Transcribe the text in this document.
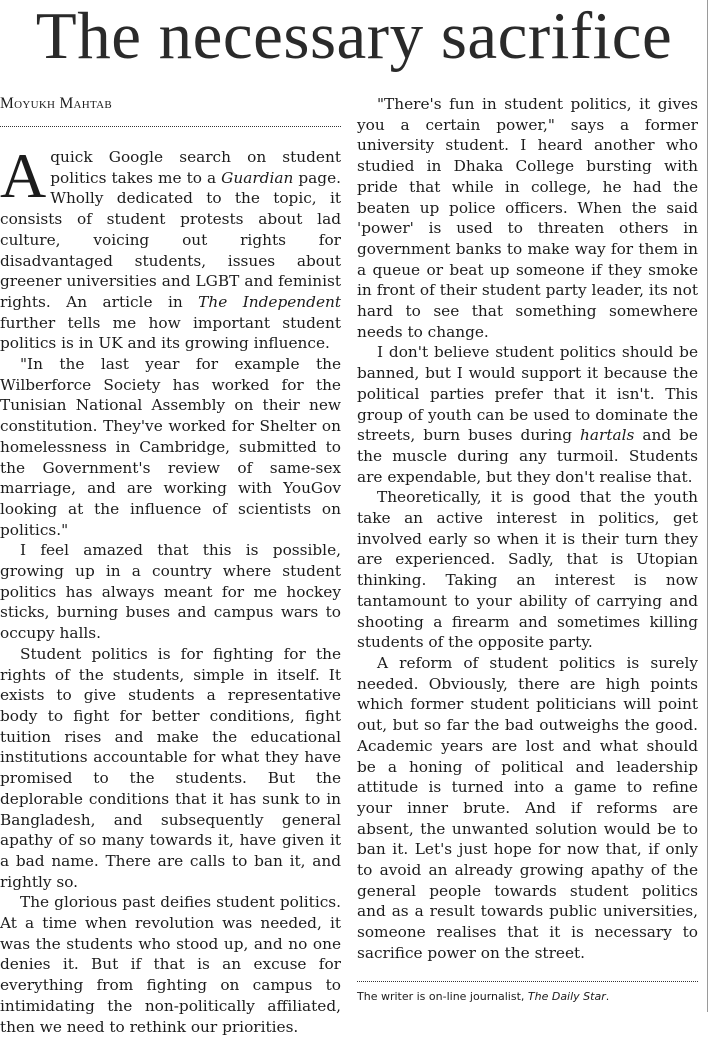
The necessary sacrifice
Moyukh Mahtab

Aquick Google search on student politics takes me to a Guardian page. Wholly dedicated to the topic, it consists of student protests about lad culture, voicing out rights for disadvantaged students, issues about greener universities and LGBT and feminist rights. An article in The Independent further tells me how important student politics is in UK and its growing influence.

"In the last year for example the Wilberforce Society has worked for the Tunisian National Assembly on their new constitution. They've worked for Shelter on homelessness in Cambridge, submitted to the Government's review of same-sex marriage, and are working with YouGov looking at the influence of scientists on politics."

I feel amazed that this is possible, growing up in a country where student politics has always meant for me hockey sticks, burning buses and campus wars to occupy halls.

Student politics is for fighting for the rights of the students, simple in itself. It exists to give students a representative body to fight for better conditions, fight tuition rises and make the educational institutions accountable for what they have promised to the students. But the deplorable conditions that it has sunk to in Bangladesh, and subsequently general apathy of so many towards it, have given it a bad name. There are calls to ban it, and rightly so.

The glorious past deifies student politics. At a time when revolution was needed, it was the students who stood up, and no one denies it. But if that is an excuse for everything from fighting on campus to intimidating the non-politically affiliated, then we need to rethink our priorities.

"There's fun in student politics, it gives you a certain power," says a former university student. I heard another who studied in Dhaka College bursting with pride that while in college, he had the beaten up police officers. When the said 'power' is used to threaten others in government banks to make way for them in a queue or beat up someone if they smoke in front of their student party leader, its not hard to see that something somewhere needs to change.

I don't believe student politics should be banned, but I would support it because the political parties prefer that it isn't. This group of youth can be used to dominate the streets, burn buses during hartals and be the muscle during any turmoil. Students are expendable, but they don't realise that.

Theoretically, it is good that the youth take an active interest in politics, get involved early so when it is their turn they are experienced. Sadly, that is Utopian thinking. Taking an interest is now tantamount to your ability of carrying and shooting a firearm and sometimes killing students of the opposite party.

A reform of student politics is surely needed. Obviously, there are high points which former student politicians will point out, but so far the bad outweighs the good. Academic years are lost and what should be a honing of political and leadership attitude is turned into a game to refine your inner brute. And if reforms are absent, the unwanted solution would be to ban it. Let's just hope for now that, if only to avoid an already growing apathy of the general people towards student politics and as a result towards public universities, someone realises that it is necessary to sacrifice power on the street.

The writer is on-line journalist, The Daily Star.
